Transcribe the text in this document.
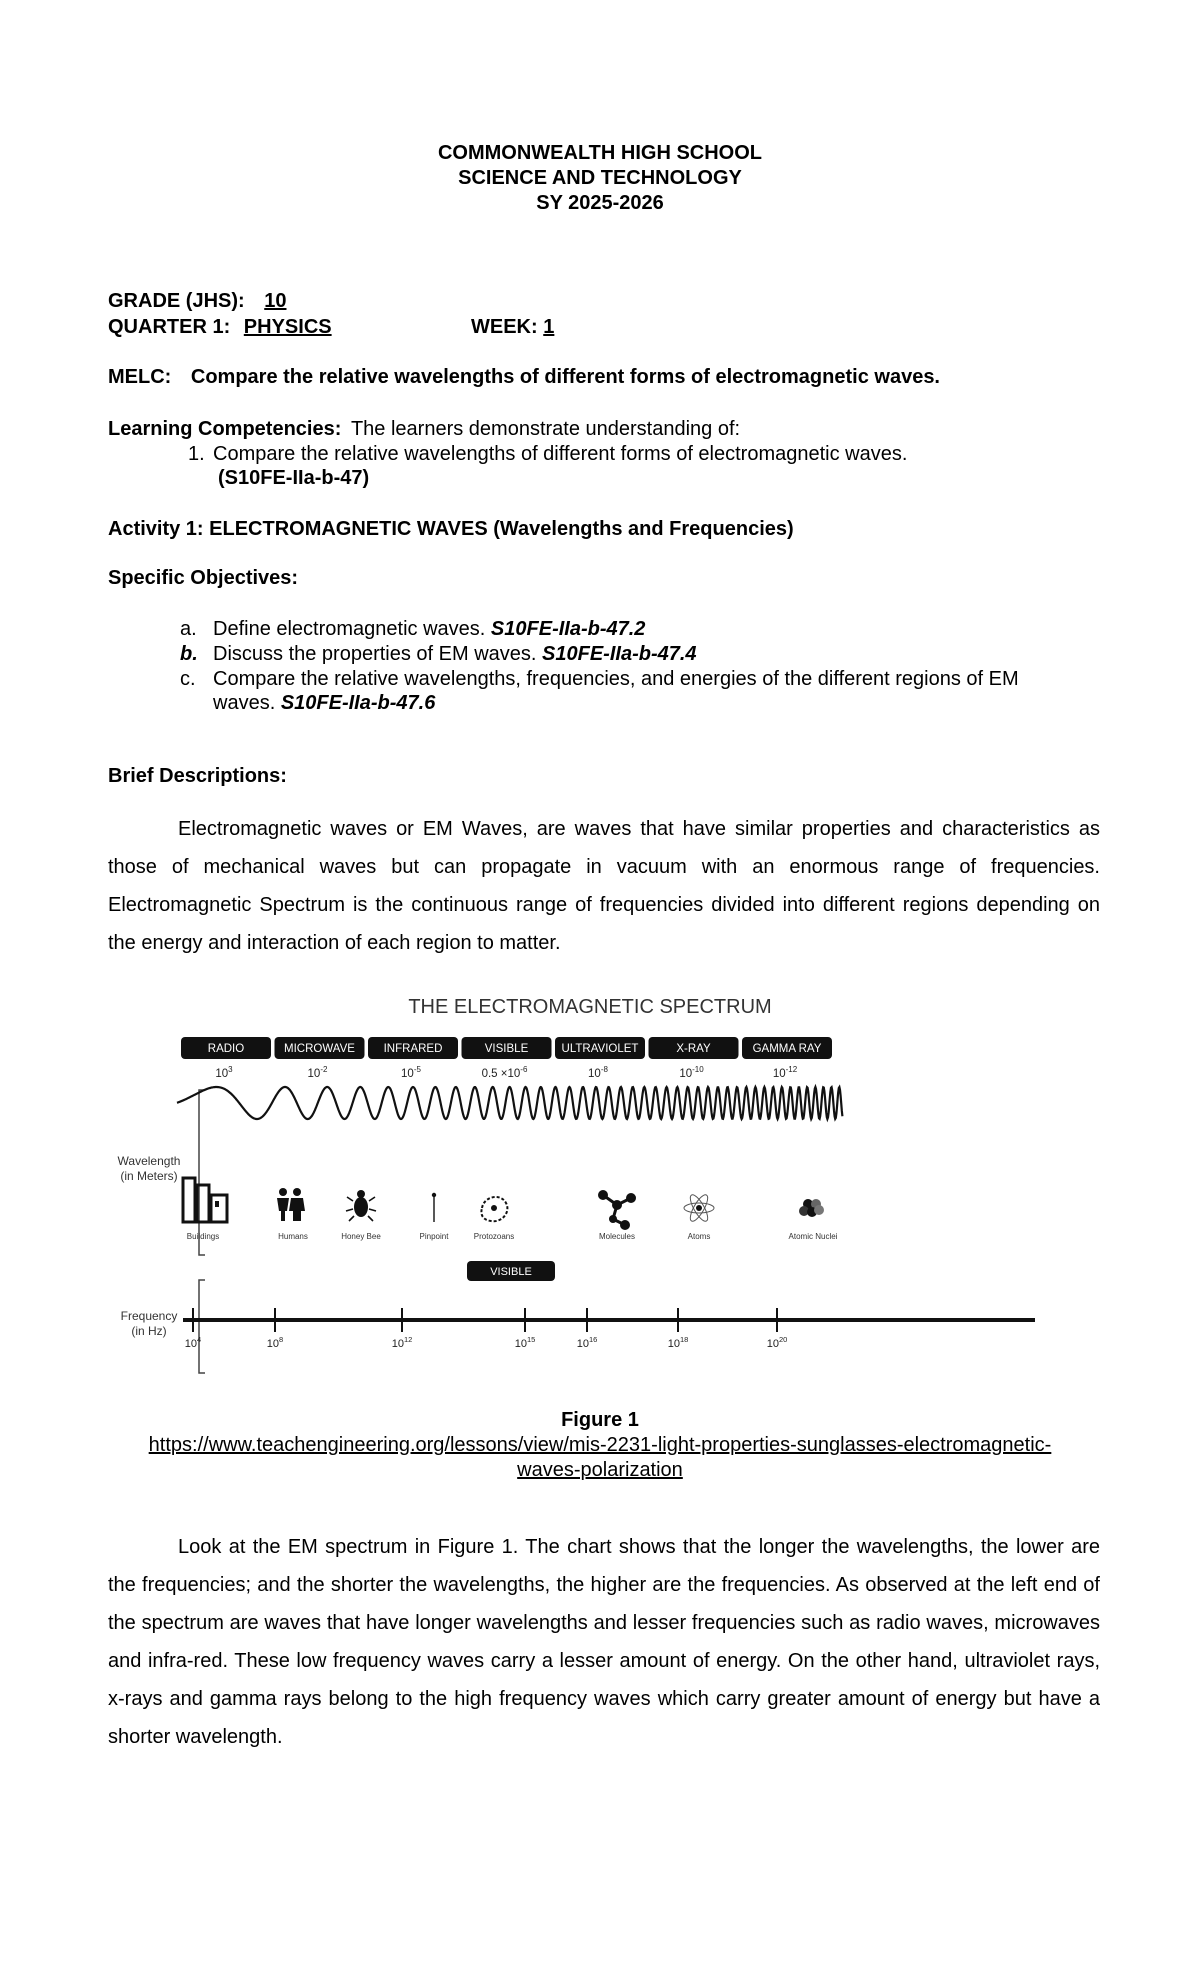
COMMONWEALTH HIGH SCHOOL
SCIENCE AND TECHNOLOGY
SY 2025-2026
GRADE (JHS): 10
QUARTER 1: PHYSICS	WEEK: 1
MELC: Compare the relative wavelengths of different forms of electromagnetic waves.
Learning Competencies: The learners demonstrate understanding of:
1. Compare the relative wavelengths of different forms of electromagnetic waves.
(S10FE-IIa-b-47)
Activity 1: ELECTROMAGNETIC WAVES (Wavelengths and Frequencies)
Specific Objectives:
a. Define electromagnetic waves. S10FE-IIa-b-47.2
b. Discuss the properties of EM waves. S10FE-IIa-b-47.4
c. Compare the relative wavelengths, frequencies, and energies of the different regions of EM
waves. S10FE-IIa-b-47.6
Brief Descriptions:
Electromagnetic waves or EM Waves, are waves that have similar properties and characteristics as those of mechanical waves but can propagate in vacuum with an enormous range of frequencies. Electromagnetic Spectrum is the continuous range of frequencies divided into different regions depending on the energy and interaction of each region to matter.
THE ELECTROMAGNETIC SPECTRUM
RADIO	MICROWAVE INFRARED	VISIBLE	ULTRAVIOLET	X-RAY	GAMMA RAY
$10^3$	$10^{-2}$	$10^{-5}$	$0.5 \times 10^{-6}$	$10^{-8}$	$10^{-10}$	$10^{-12}$
Wavelength
(in Meters)
Frequency
(in Hz)
Buildings	Humans	Honey Bee	Pinpoint	Protozoans	Molecules	Atoms	Atomic Nuclei
VISIBLE
$10^4$	$10^8$	$10^{12}$	$10^{15}$	$10^{16}$	$10^{18}$	$10^{20}$
Figure 1
https://www.teachengineering.org/lessons/view/mis-2231-light-properties-sunglasses-electromagnetic-
waves-polarization
Look at the EM spectrum in Figure 1. The chart shows that the longer the wavelengths, the lower are the frequencies; and the shorter the wavelengths, the higher are the frequencies. As observed at the left end of the spectrum are waves that have longer wavelengths and lesser frequencies such as radio waves, microwaves and infra-red. These low frequency waves carry a lesser amount of energy. On the other hand, ultraviolet rays, x-rays and gamma rays belong to the high frequency waves which carry greater amount of energy but have a shorter wavelength.
